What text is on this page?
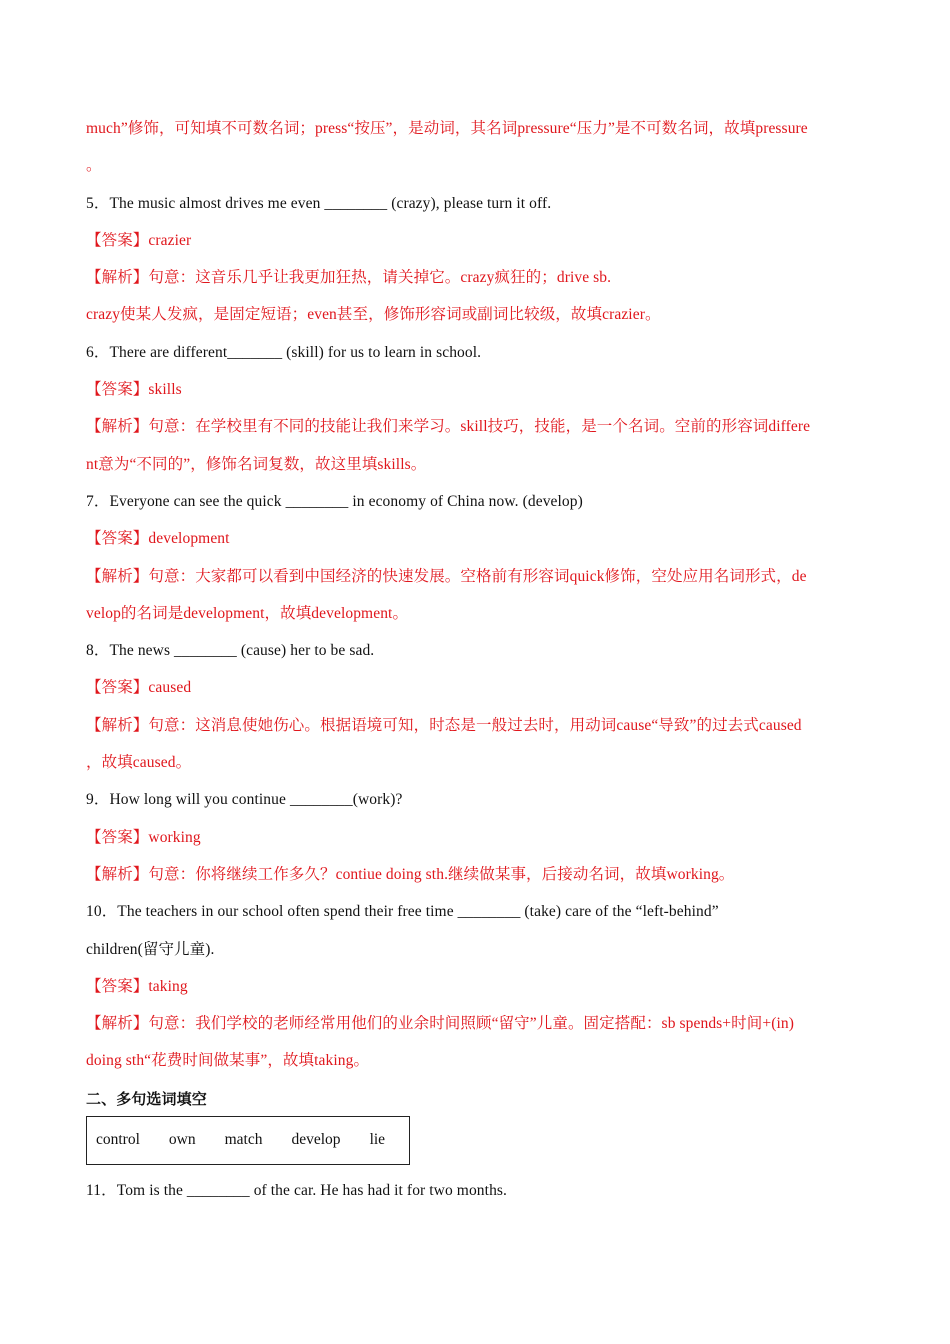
much”修饰，可知填不可数名词；press“按压”，是动词，其名词pressure“压力”是不可数名词，故填pressure
。
5．The music almost drives me even ________ (crazy), please turn it off.
【答案】crazier
【解析】句意：这音乐几乎让我更加狂热，请关掉它。crazy疯狂的；drive sb.
crazy使某人发疯，是固定短语；even甚至，修饰形容词或副词比较级，故填crazier。
6．There are different_______ (skill) for us to learn in school.
【答案】skills
【解析】句意：在学校里有不同的技能让我们来学习。skill技巧，技能，是一个名词。空前的形容词differe
nt意为“不同的”，修饰名词复数，故这里填skills。
7．Everyone can see the quick ________ in economy of China now. (develop)
【答案】development
【解析】句意：大家都可以看到中国经济的快速发展。空格前有形容词quick修饰，空处应用名词形式，de
velop的名词是development，故填development。
8．The news ________ (cause) her to be sad.
【答案】caused
【解析】句意：这消息使她伤心。根据语境可知，时态是一般过去时，用动词cause“导致”的过去式caused
，故填caused。
9．How long will you continue ________(work)?
【答案】working
【解析】句意：你将继续工作多久？contiue doing sth.继续做某事，后接动名词，故填working。
10．The teachers in our school often spend their free time ________ (take) care of the “left-behind”
children(留守儿童).
【答案】taking
【解析】句意：我们学校的老师经常用他们的业余时间照顾“留守”儿童。固定搭配：sb spends+时间+(in)
doing sth“花费时间做某事”，故填taking。
二、多句选词填空
control own match develop lie
11．Tom is the ________ of the car. He has had it for two months.
